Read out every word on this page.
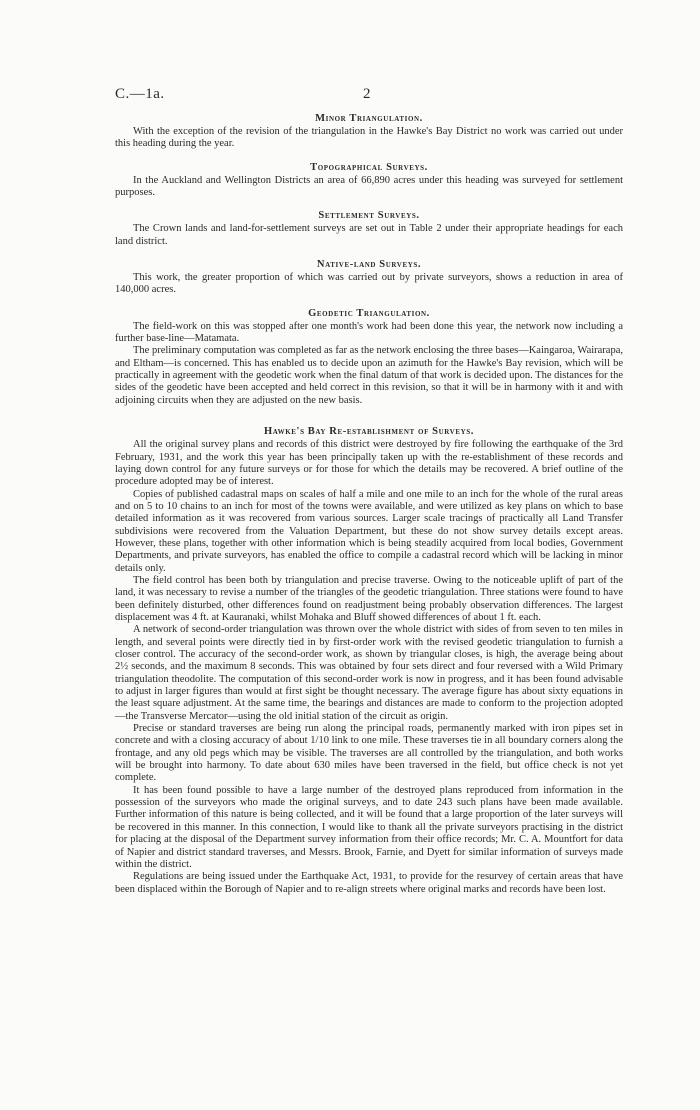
C.—1a.	2
Minor Triangulation.

With the exception of the revision of the triangulation in the Hawke's Bay District no work was carried out under this heading during the year.

Topographical Surveys.

In the Auckland and Wellington Districts an area of 66,890 acres under this heading was surveyed for settlement purposes.

Settlement Surveys.

The Crown lands and land-for-settlement surveys are set out in Table 2 under their appropriate headings for each land district.

Native-land Surveys.

This work, the greater proportion of which was carried out by private surveyors, shows a reduction in area of 140,000 acres.

Geodetic Triangulation.

The field-work on this was stopped after one month's work had been done this year, the network now including a further base-line—Matamata.

The preliminary computation was completed as far as the network enclosing the three bases—Kaingaroa, Wairarapa, and Eltham—is concerned. This has enabled us to decide upon an azimuth for the Hawke's Bay revision, which will be practically in agreement with the geodetic work when the final datum of that work is decided upon. The distances for the sides of the geodetic have been accepted and held correct in this revision, so that it will be in harmony with it and with adjoining circuits when they are adjusted on the new basis.

Hawke's Bay Re-establishment of Surveys.

All the original survey plans and records of this district were destroyed by fire following the earthquake of the 3rd February, 1931, and the work this year has been principally taken up with the re-establishment of these records and laying down control for any future surveys or for those for which the details may be recovered. A brief outline of the procedure adopted may be of interest.

Copies of published cadastral maps on scales of half a mile and one mile to an inch for the whole of the rural areas and on 5 to 10 chains to an inch for most of the towns were available, and were utilized as key plans on which to base detailed information as it was recovered from various sources. Larger scale tracings of practically all Land Transfer subdivisions were recovered from the Valuation Department, but these do not show survey details except areas. However, these plans, together with other information which is being steadily acquired from local bodies, Government Departments, and private surveyors, has enabled the office to compile a cadastral record which will be lacking in minor details only.

The field control has been both by triangulation and precise traverse. Owing to the noticeable uplift of part of the land, it was necessary to revise a number of the triangles of the geodetic triangulation. Three stations were found to have been definitely disturbed, other differences found on readjustment being probably observation differences. The largest displacement was 4 ft. at Kauranaki, whilst Mohaka and Bluff showed differences of about 1 ft. each.

A network of second-order triangulation was thrown over the whole district with sides of from seven to ten miles in length, and several points were directly tied in by first-order work with the revised geodetic triangulation to furnish a closer control. The accuracy of the second-order work, as shown by triangular closes, is high, the average being about 2½ seconds, and the maximum 8 seconds. This was obtained by four sets direct and four reversed with a Wild Primary triangulation theodolite. The computation of this second-order work is now in progress, and it has been found advisable to adjust in larger figures than would at first sight be thought necessary. The average figure has about sixty equations in the least square adjustment. At the same time, the bearings and distances are made to conform to the projection adopted—the Transverse Mercator—using the old initial station of the circuit as origin.

Precise or standard traverses are being run along the principal roads, permanently marked with iron pipes set in concrete and with a closing accuracy of about 1/10 link to one mile. These traverses tie in all boundary corners along the frontage, and any old pegs which may be visible. The traverses are all controlled by the triangulation, and both works will be brought into harmony. To date about 630 miles have been traversed in the field, but office check is not yet complete.

It has been found possible to have a large number of the destroyed plans reproduced from information in the possession of the surveyors who made the original surveys, and to date 243 such plans have been made available. Further information of this nature is being collected, and it will be found that a large proportion of the later surveys will be recovered in this manner. In this connection, I would like to thank all the private surveyors practising in the district for placing at the disposal of the Department survey information from their office records; Mr. C. A. Mountfort for data of Napier and district standard traverses, and Messrs. Brook, Farnie, and Dyett for similar information of surveys made within the district.

Regulations are being issued under the Earthquake Act, 1931, to provide for the resurvey of certain areas that have been displaced within the Borough of Napier and to re-align streets where original marks and records have been lost.
